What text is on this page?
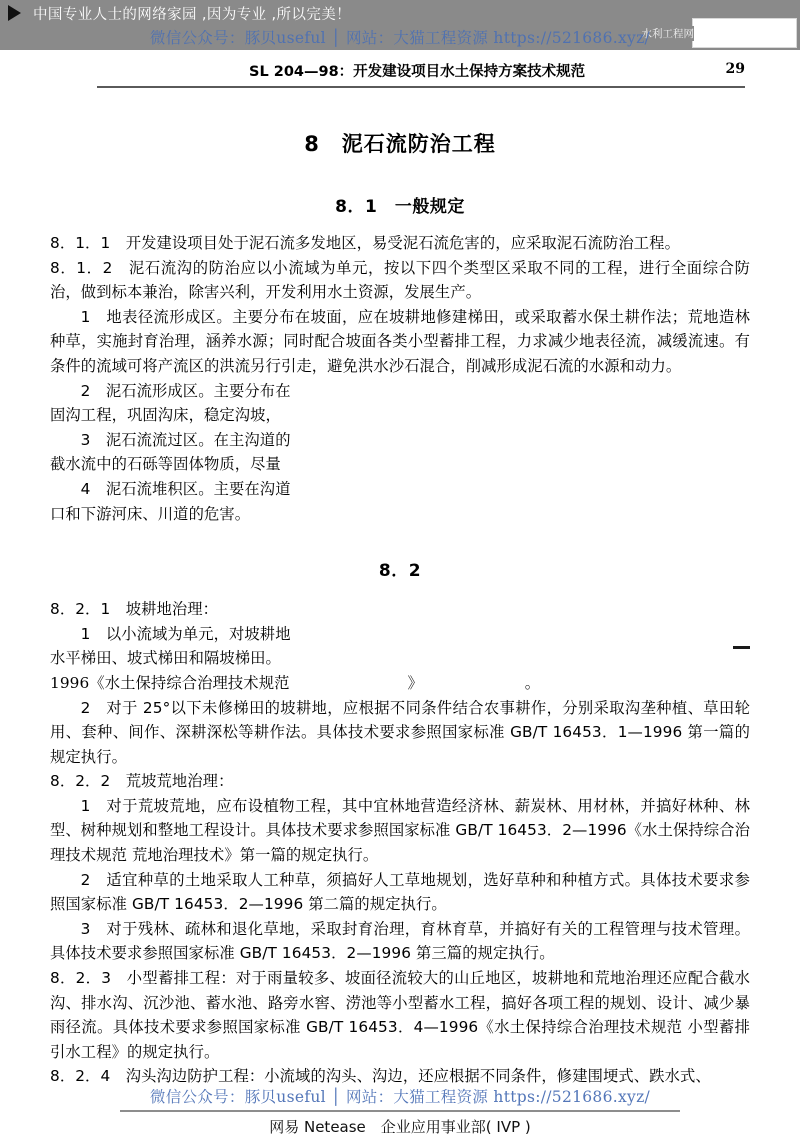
中国专业人士的网络家园 ,因为专业 ,所以完美！
水利工程网
微信公众号：豚贝useful │ 网站：大猫工程资源 https://521686.xyz/
SL 204—98：开发建设项目水土保持方案技术规范	29
8　泥石流防治工程
8．1　一般规定

8．1．1　开发建设项目处于泥石流多发地区，易受泥石流危害的，应采取泥石流防治工程。

8．1．2　泥石流沟的防治应以小流域为单元，按以下四个类型区采取不同的工程，进行全面综合防治，做到标本兼治，除害兴利，开发利用水土资源，发展生产。

1　地表径流形成区。主要分布在坡面，应在坡耕地修建梯田，或采取蓄水保土耕作法；荒地造林种草，实施封育治理，涵养水源；同时配合坡面各类小型蓄排工程，力求减少地表径流，减缓流速。有条件的流域可将产流区的洪流另行引走，避免洪水沙石混合，削减形成泥石流的水源和动力。

2　泥石流形成区。主要分布在

固沟工程，巩固沟床，稳定沟坡，

3　泥石流流过区。在主沟道的

截水流中的石砾等固体物质，尽量

4　泥石流堆积区。主要在沟道

口和下游河床、川道的危害。

8．2

8．2．1　坡耕地治理：

1　以小流域为单元，对坡耕地

水平梯田、坡式梯田和隔坡梯田。

1996《水土保持综合治理技术规范	》	。

2　对于 25°以下未修梯田的坡耕地，应根据不同条件结合农事耕作，分别采取沟垄种植、草田轮用、套种、间作、深耕深松等耕作法。具体技术要求参照国家标准 GB/T 16453．1—1996 第一篇的规定执行。

8．2．2　荒坡荒地治理：

1　对于荒坡荒地，应布设植物工程，其中宜林地营造经济林、薪炭林、用材林，并搞好林种、林型、树种规划和整地工程设计。具体技术要求参照国家标准 GB/T 16453．2—1996《水土保持综合治理技术规范 荒地治理技术》第一篇的规定执行。

2　适宜种草的土地采取人工种草，须搞好人工草地规划，选好草种和种植方式。具体技术要求参照国家标准 GB/T 16453．2—1996 第二篇的规定执行。

3　对于残林、疏林和退化草地，采取封育治理，育林育草，并搞好有关的工程管理与技术管理。具体技术要求参照国家标准 GB/T 16453．2—1996 第三篇的规定执行。

8．2．3　小型蓄排工程：对于雨量较多、坡面径流较大的山丘地区，坡耕地和荒地治理还应配合截水沟、排水沟、沉沙池、蓄水池、路旁水窖、涝池等小型蓄水工程，搞好各项工程的规划、设计、减少暴雨径流。具体技术要求参照国家标准 GB/T 16453．4—1996《水土保持综合治理技术规范 小型蓄排引水工程》的规定执行。

8．2．4　沟头沟边防护工程：小流域的沟头、沟边，还应根据不同条件，修建围埂式、跌水式、

微信公众号：豚贝useful │ 网站：大猫工程资源 https://521686.xyz/
网易 Netease　企业应用事业部( IVP )
